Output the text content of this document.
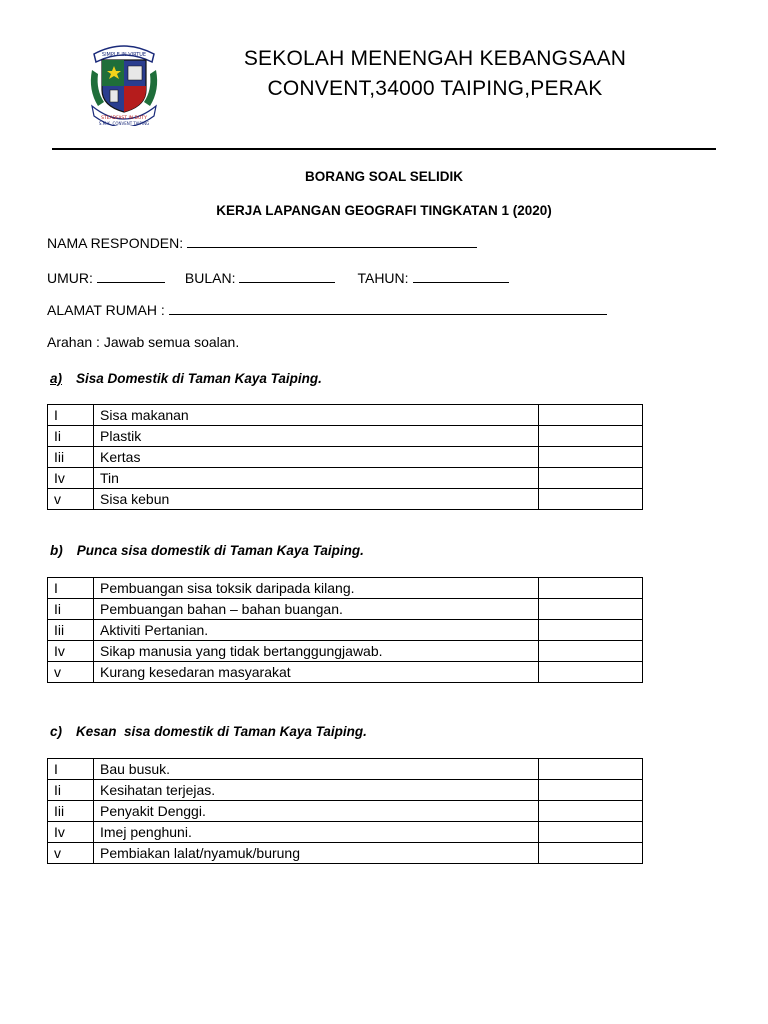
SIMPLE IN VIRTUE
STEADFAST IN DUTY
S.M.K. CONVENT TAIPING
SEKOLAH MENENGAH KEBANGSAAN
CONVENT,34000 TAIPING,PERAK
BORANG SOAL SELIDIK
KERJA LAPANGAN GEOGRAFI TINGKATAN 1 (2020)
NAMA RESPONDEN:
UMUR:	BULAN:	TAHUN:
ALAMAT RUMAH :
Arahan : Jawab semua soalan.
a) Sisa Domestik di Taman Kaya Taiping.
I	Sisa makanan	
Ii	Plastik	
Iii	Kertas	
Iv	Tin	
v	Sisa kebun	
b) Punca sisa domestik di Taman Kaya Taiping.
I	Pembuangan sisa toksik daripada kilang.	
Ii	Pembuangan bahan – bahan buangan.	
Iii	Aktiviti Pertanian.	
Iv	Sikap manusia yang tidak bertanggungjawab.	
v	Kurang kesedaran masyarakat	
c) Kesan  sisa domestik di Taman Kaya Taiping.
I	Bau busuk.	
Ii	Kesihatan terjejas.	
Iii	Penyakit Denggi.	
Iv	Imej penghuni.	
v	Pembiakan lalat/nyamuk/burung	
